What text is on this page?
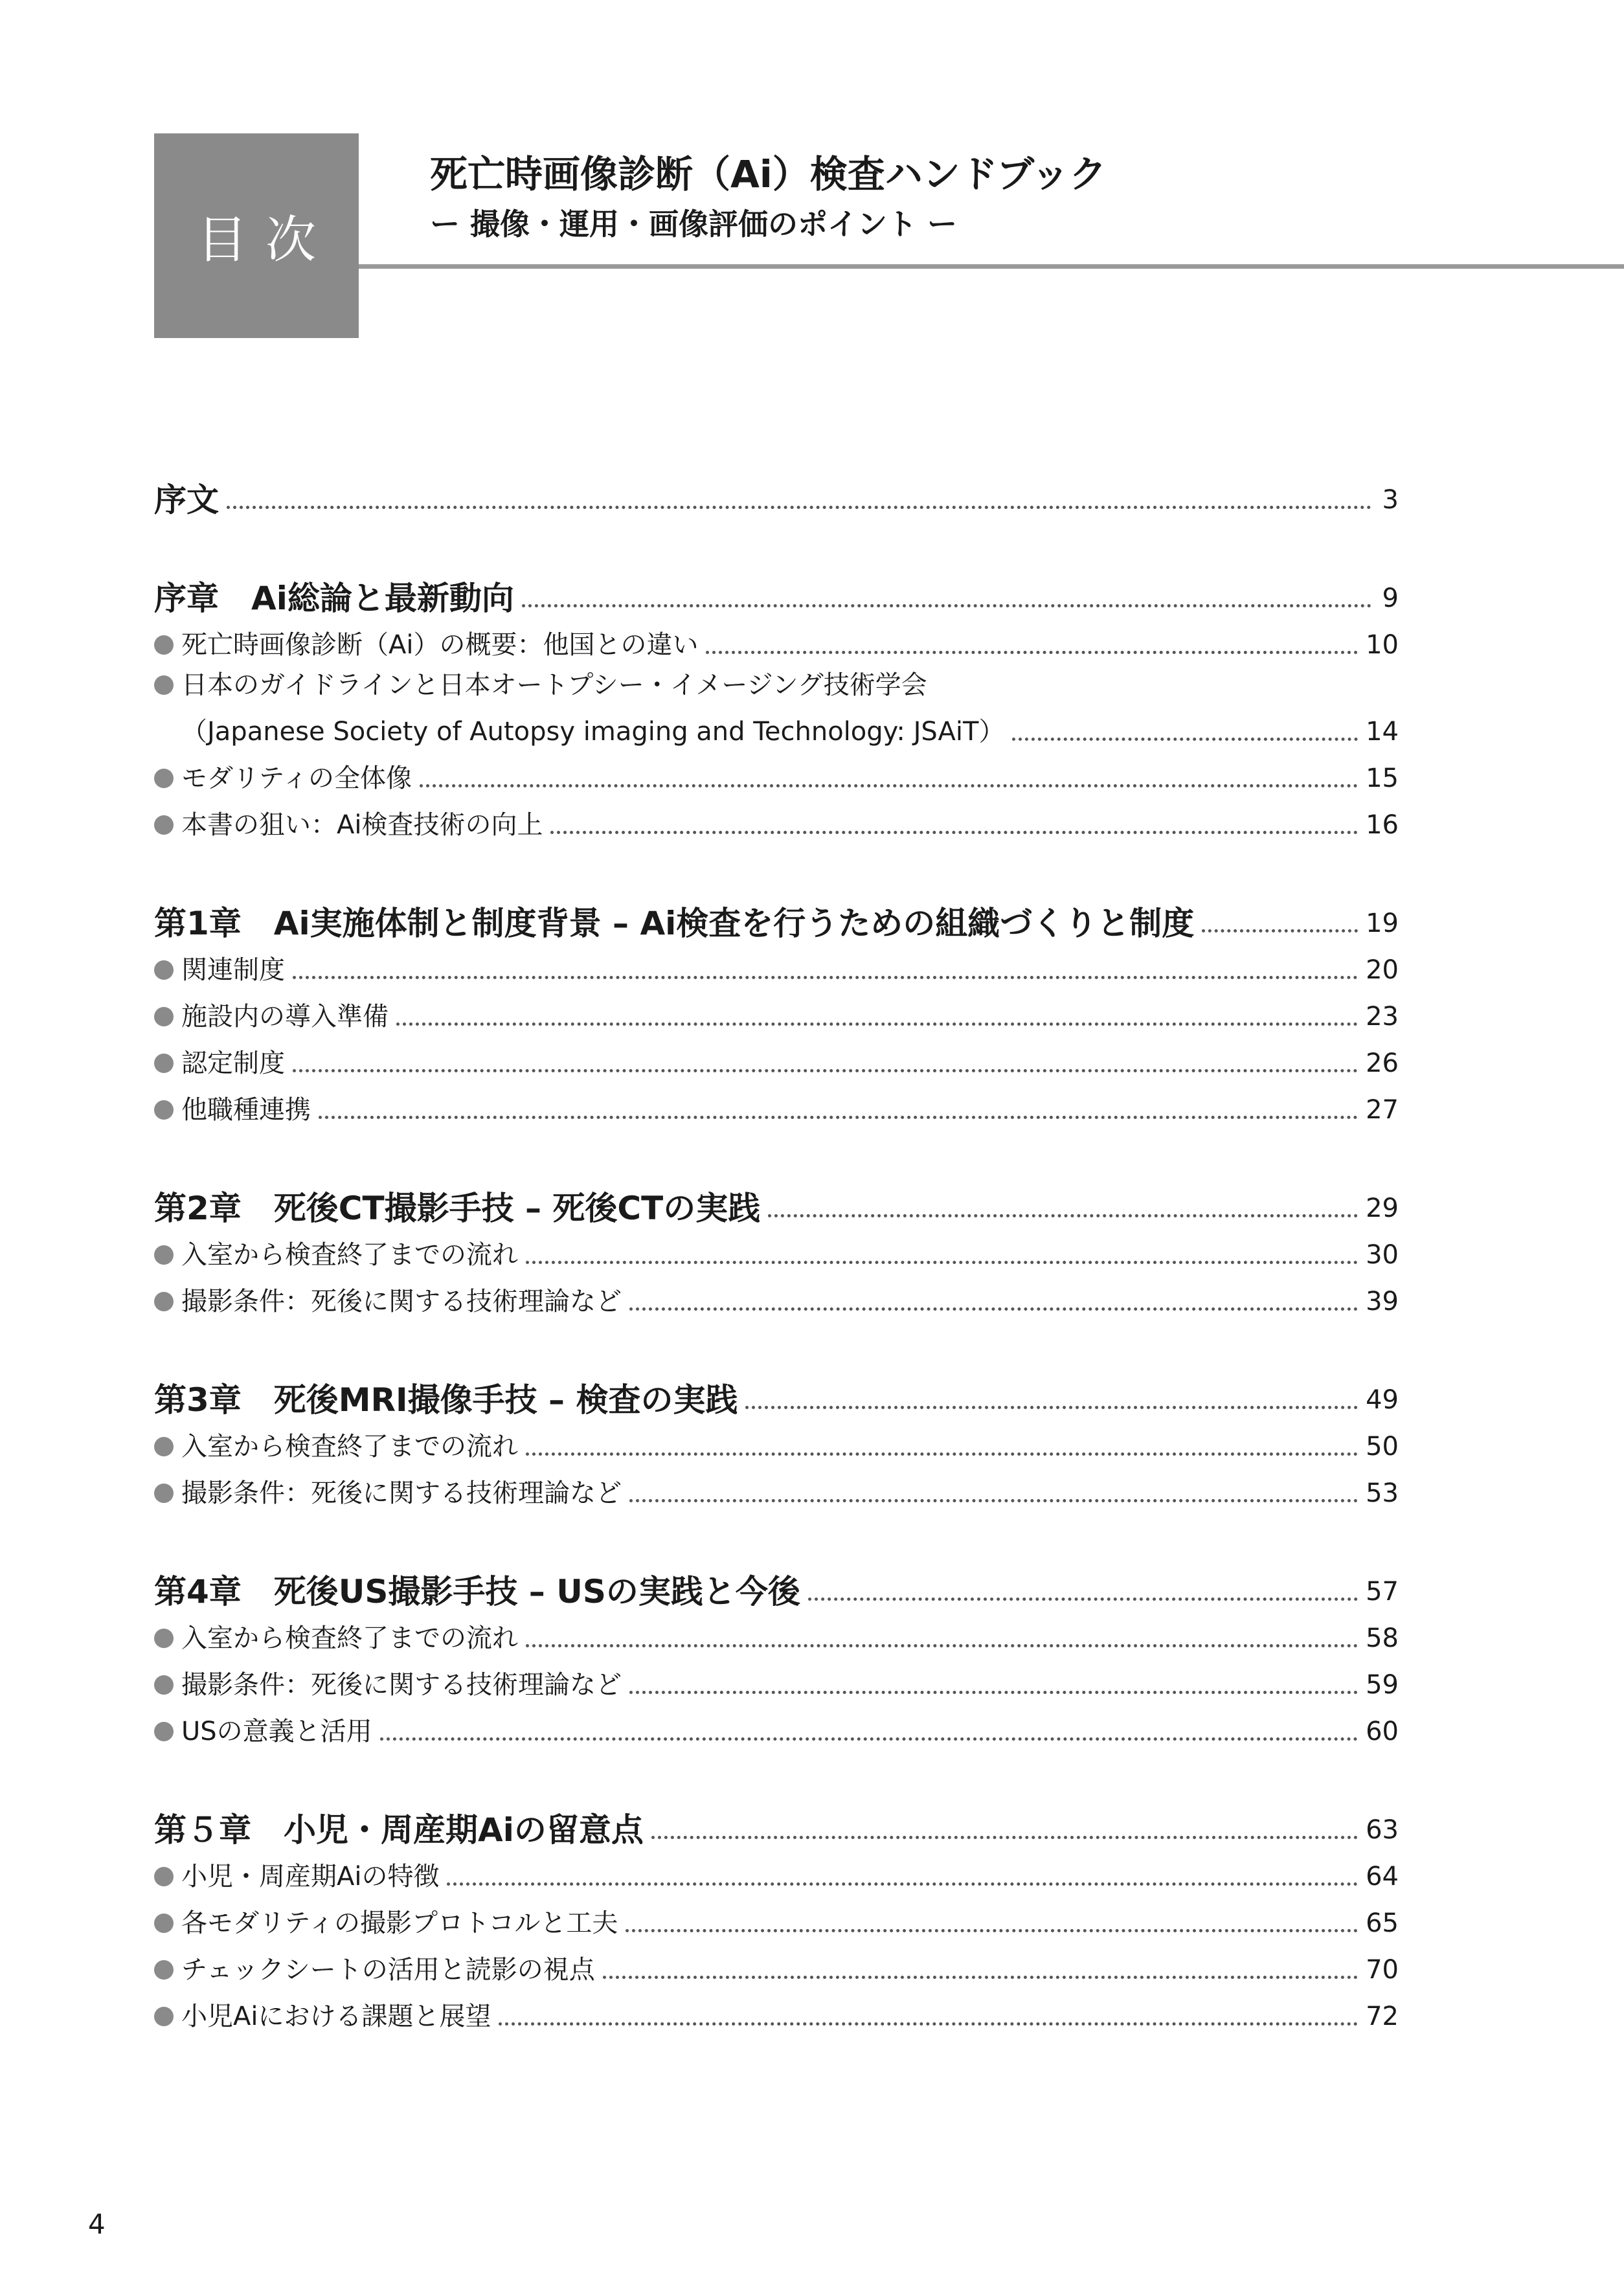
目次
死亡時画像診断（Ai）検査ハンドブック
ー 撮像・運用・画像評価のポイント ー
序文	3
序章　Ai総論と最新動向	9
死亡時画像診断（Ai）の概要：他国との違い	10
日本のガイドラインと日本オートプシー・イメージング技術学会
（Japanese Society of Autopsy imaging and Technology: JSAiT）	14
モダリティの全体像	15
本書の狙い：Ai検査技術の向上	16
第1章　Ai実施体制と制度背景 – Ai検査を行うための組織づくりと制度	19
関連制度	20
施設内の導入準備	23
認定制度	26
他職種連携	27
第2章　死後CT撮影手技 – 死後CTの実践	29
入室から検査終了までの流れ	30
撮影条件：死後に関する技術理論など	39
第3章　死後MRI撮像手技 – 検査の実践	49
入室から検査終了までの流れ	50
撮影条件：死後に関する技術理論など	53
第4章　死後US撮影手技 – USの実践と今後	57
入室から検査終了までの流れ	58
撮影条件：死後に関する技術理論など	59
USの意義と活用	60
第５章　小児・周産期Aiの留意点	63
小児・周産期Aiの特徴	64
各モダリティの撮影プロトコルと工夫	65
チェックシートの活用と読影の視点	70
小児Aiにおける課題と展望	72
4
